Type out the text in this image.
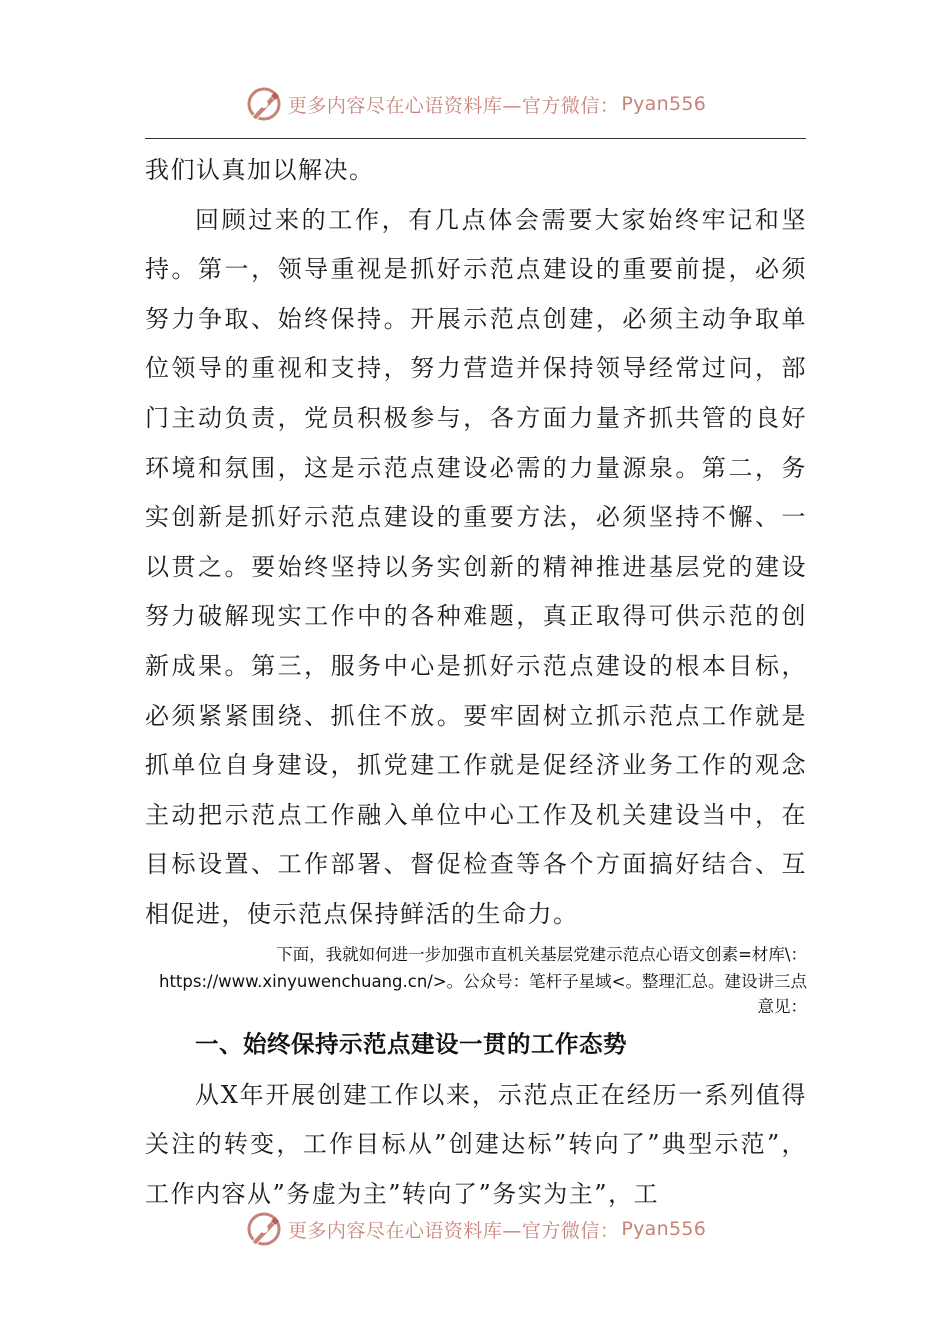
更多内容尽在心语资料库—官方微信： Pyan556

我们认真加以解决。

回顾过来的工作，有几点体会需要大家始终牢记和坚持。第一，领导重视是抓好示范点建设的重要前提，必须努力争取、始终保持。开展示范点创建，必须主动争取单位领导的重视和支持，努力营造并保持领导经常过问，部门主动负责，党员积极参与，各方面力量齐抓共管的良好环境和氛围，这是示范点建设必需的力量源泉。第二，务实创新是抓好示范点建设的重要方法，必须坚持不懈、一以贯之。要始终坚持以务实创新的精神推进基层党的建设努力破解现实工作中的各种难题，真正取得可供示范的创新成果。第三，服务中心是抓好示范点建设的根本目标，必须紧紧围绕、抓住不放。要牢固树立抓示范点工作就是抓单位自身建设，抓党建工作就是促经济业务工作的观念主动把示范点工作融入单位中心工作及机关建设当中，在目标设置、工作部署、督促检查等各个方面搞好结合、互相促进，使示范点保持鲜活的生命力。

下面，我就如何进一步加强市直机关基层党建示范点心语文创素=材库\：

https://www.xinyuwenchuang.cn/>。公众号：笔杆子星域<。整理汇总。建设讲三点意见：

一、始终保持示范点建设一贯的工作态势

从X年开展创建工作以来，示范点正在经历一系列值得关注的转变，工作目标从”创建达标”转向了”典型示范”，工作内容从”务虚为主”转向了”务实为主”，工

更多内容尽在心语资料库—官方微信： Pyan556
